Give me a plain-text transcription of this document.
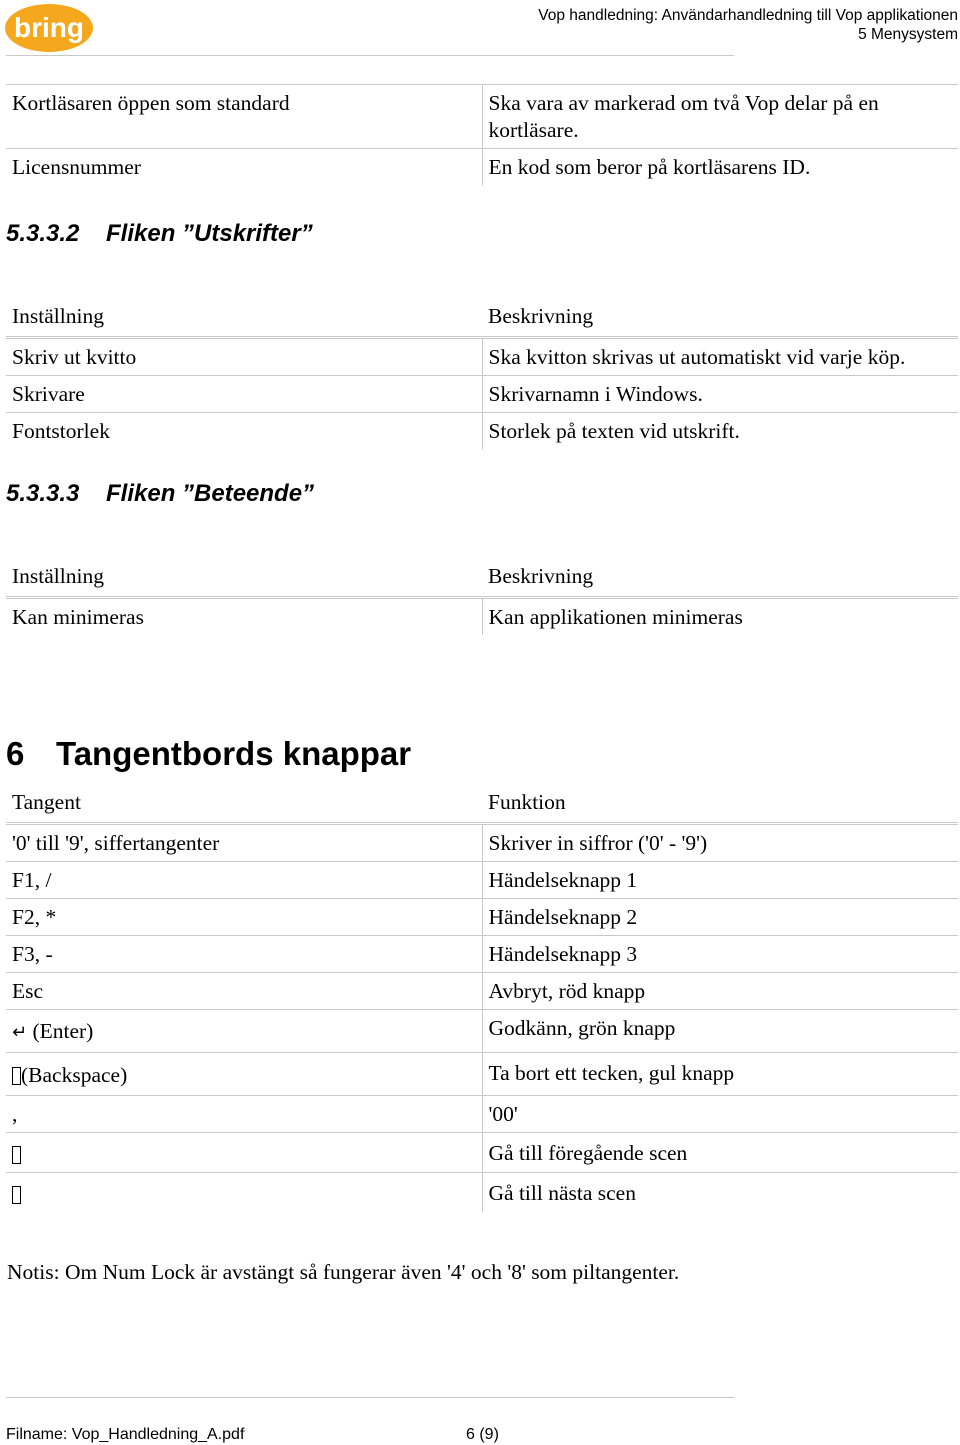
bring	Vop handledning: Användarhandledning till Vop applikationen
5 Menysystem
Kortläsaren öppen som standard	Ska vara av markerad om två Vop delar på en kortläsare.
Licensnummer	En kod som beror på kortläsarens ID.
5.3.3.2 Fliken ”Utskrifter”
Inställning	Beskrivning
Skriv ut kvitto	Ska kvitton skrivas ut automatiskt vid varje köp.
Skrivare	Skrivarnamn i Windows.
Fontstorlek	Storlek på texten vid utskrift.
5.3.3.3 Fliken ”Beteende”
Inställning	Beskrivning
Kan minimeras	Kan applikationen minimeras
6 Tangentbords knappar
Tangent	Funktion
'0' till '9', siffertangenter	Skriver in siffror ('0' - '9')
F1, /	Händelseknapp 1
F2, *	Händelseknapp 2
F3, -	Händelseknapp 3
Esc	Avbryt, röd knapp
↵ (Enter)	Godkänn, grön knapp
(Backspace)	Ta bort ett tecken, gul knapp
,	'00'
	Gå till föregående scen
	Gå till nästa scen
Notis: Om Num Lock är avstängt så fungerar även '4' och '8' som piltangenter.
Filname: Vop_Handledning_A.pdf	6 (9)
